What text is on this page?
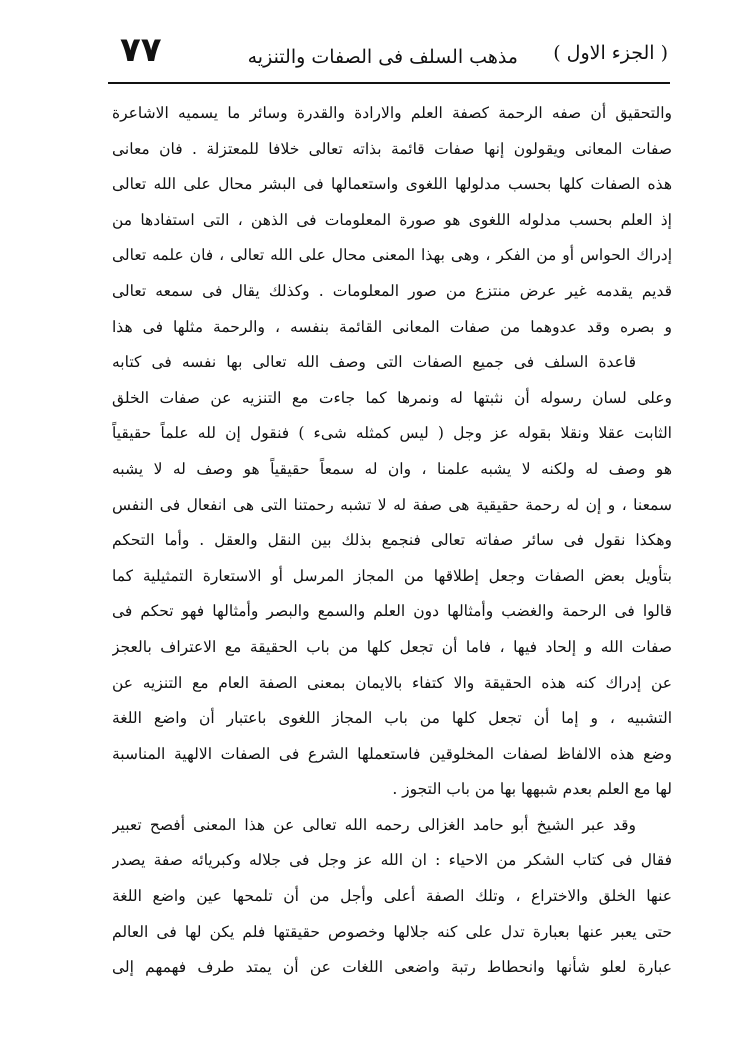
( الجزء الاول )
مذهب السلف فى الصفات والتنزيه
٧٧
والتحقيق أن صفه الرحمة كصفة العلم والارادة والقدرة وسائر ما يسميه الاشاعرة
صفات المعانى ويقولون إنها صفات قائمة بذاته تعالى خلافا للمعتزلة . فان معانى
هذه الصفات كلها بحسب مدلولها اللغوى واستعمالها فى البشر محال على الله تعالى
إذ العلم بحسب مدلوله اللغوى هو صورة المعلومات فى الذهن ، التى استفادها من
إدراك الحواس أو من الفكر ، وهى بهذا المعنى محال على الله تعالى ، فان علمه تعالى
قديم يقدمه غير عرض منتزع من صور المعلومات . وكذلك يقال فى سمعه تعالى
و بصره وقد عدوهما من صفات المعانى القائمة بنفسه ، والرحمة مثلها فى هذا
قاعدة السلف فى جميع الصفات التى وصف الله تعالى بها نفسه فى كتابه
وعلى لسان رسوله أن نثبتها له ونمرها كما جاءت مع التنزيه عن صفات الخلق
الثابت عقلا ونقلا بقوله عز وجل ( ليس كمثله شىء ) فنقول إن لله علماً حقيقياً
هو وصف له ولكنه لا يشبه علمنا ، وان له سمعاً حقيقياً هو وصف له لا يشبه
سمعنا ، و إن له رحمة حقيقية هى صفة له لا تشبه رحمتنا التى هى انفعال فى النفس
وهكذا نقول فى سائر صفاته تعالى فنجمع بذلك بين النقل والعقل . وأما التحكم
بتأويل بعض الصفات وجعل إطلاقها من المجاز المرسل أو الاستعارة التمثيلية كما
قالوا فى الرحمة والغضب وأمثالها دون العلم والسمع والبصر وأمثالها فهو تحكم فى
صفات الله و إلحاد فيها ، فاما أن تجعل كلها من باب الحقيقة مع الاعتراف بالعجز
عن إدراك كنه هذه الحقيقة والا كتفاء بالايمان بمعنى الصفة العام مع التنزيه عن
التشبيه ، و إما أن تجعل كلها من باب المجاز اللغوى باعتبار أن واضع اللغة
وضع هذه الالفاظ لصفات المخلوقين فاستعملها الشرع فى الصفات الالهية المناسبة
لها مع العلم بعدم شبهها بها من باب التجوز .
وقد عبر الشيخ أبو حامد الغزالى رحمه الله تعالى عن هذا المعنى أفصح تعبير
فقال فى كتاب الشكر من الاحياء : ان الله عز وجل فى جلاله وكبريائه صفة يصدر
عنها الخلق والاختراع ، وتلك الصفة أعلى وأجل من أن تلمحها عين واضع اللغة
حتى يعبر عنها بعبارة تدل على كنه جلالها وخصوص حقيقتها فلم يكن لها فى العالم
عبارة لعلو شأنها وانحطاط رتبة واضعى اللغات عن أن يمتد طرف فهمهم إلى
